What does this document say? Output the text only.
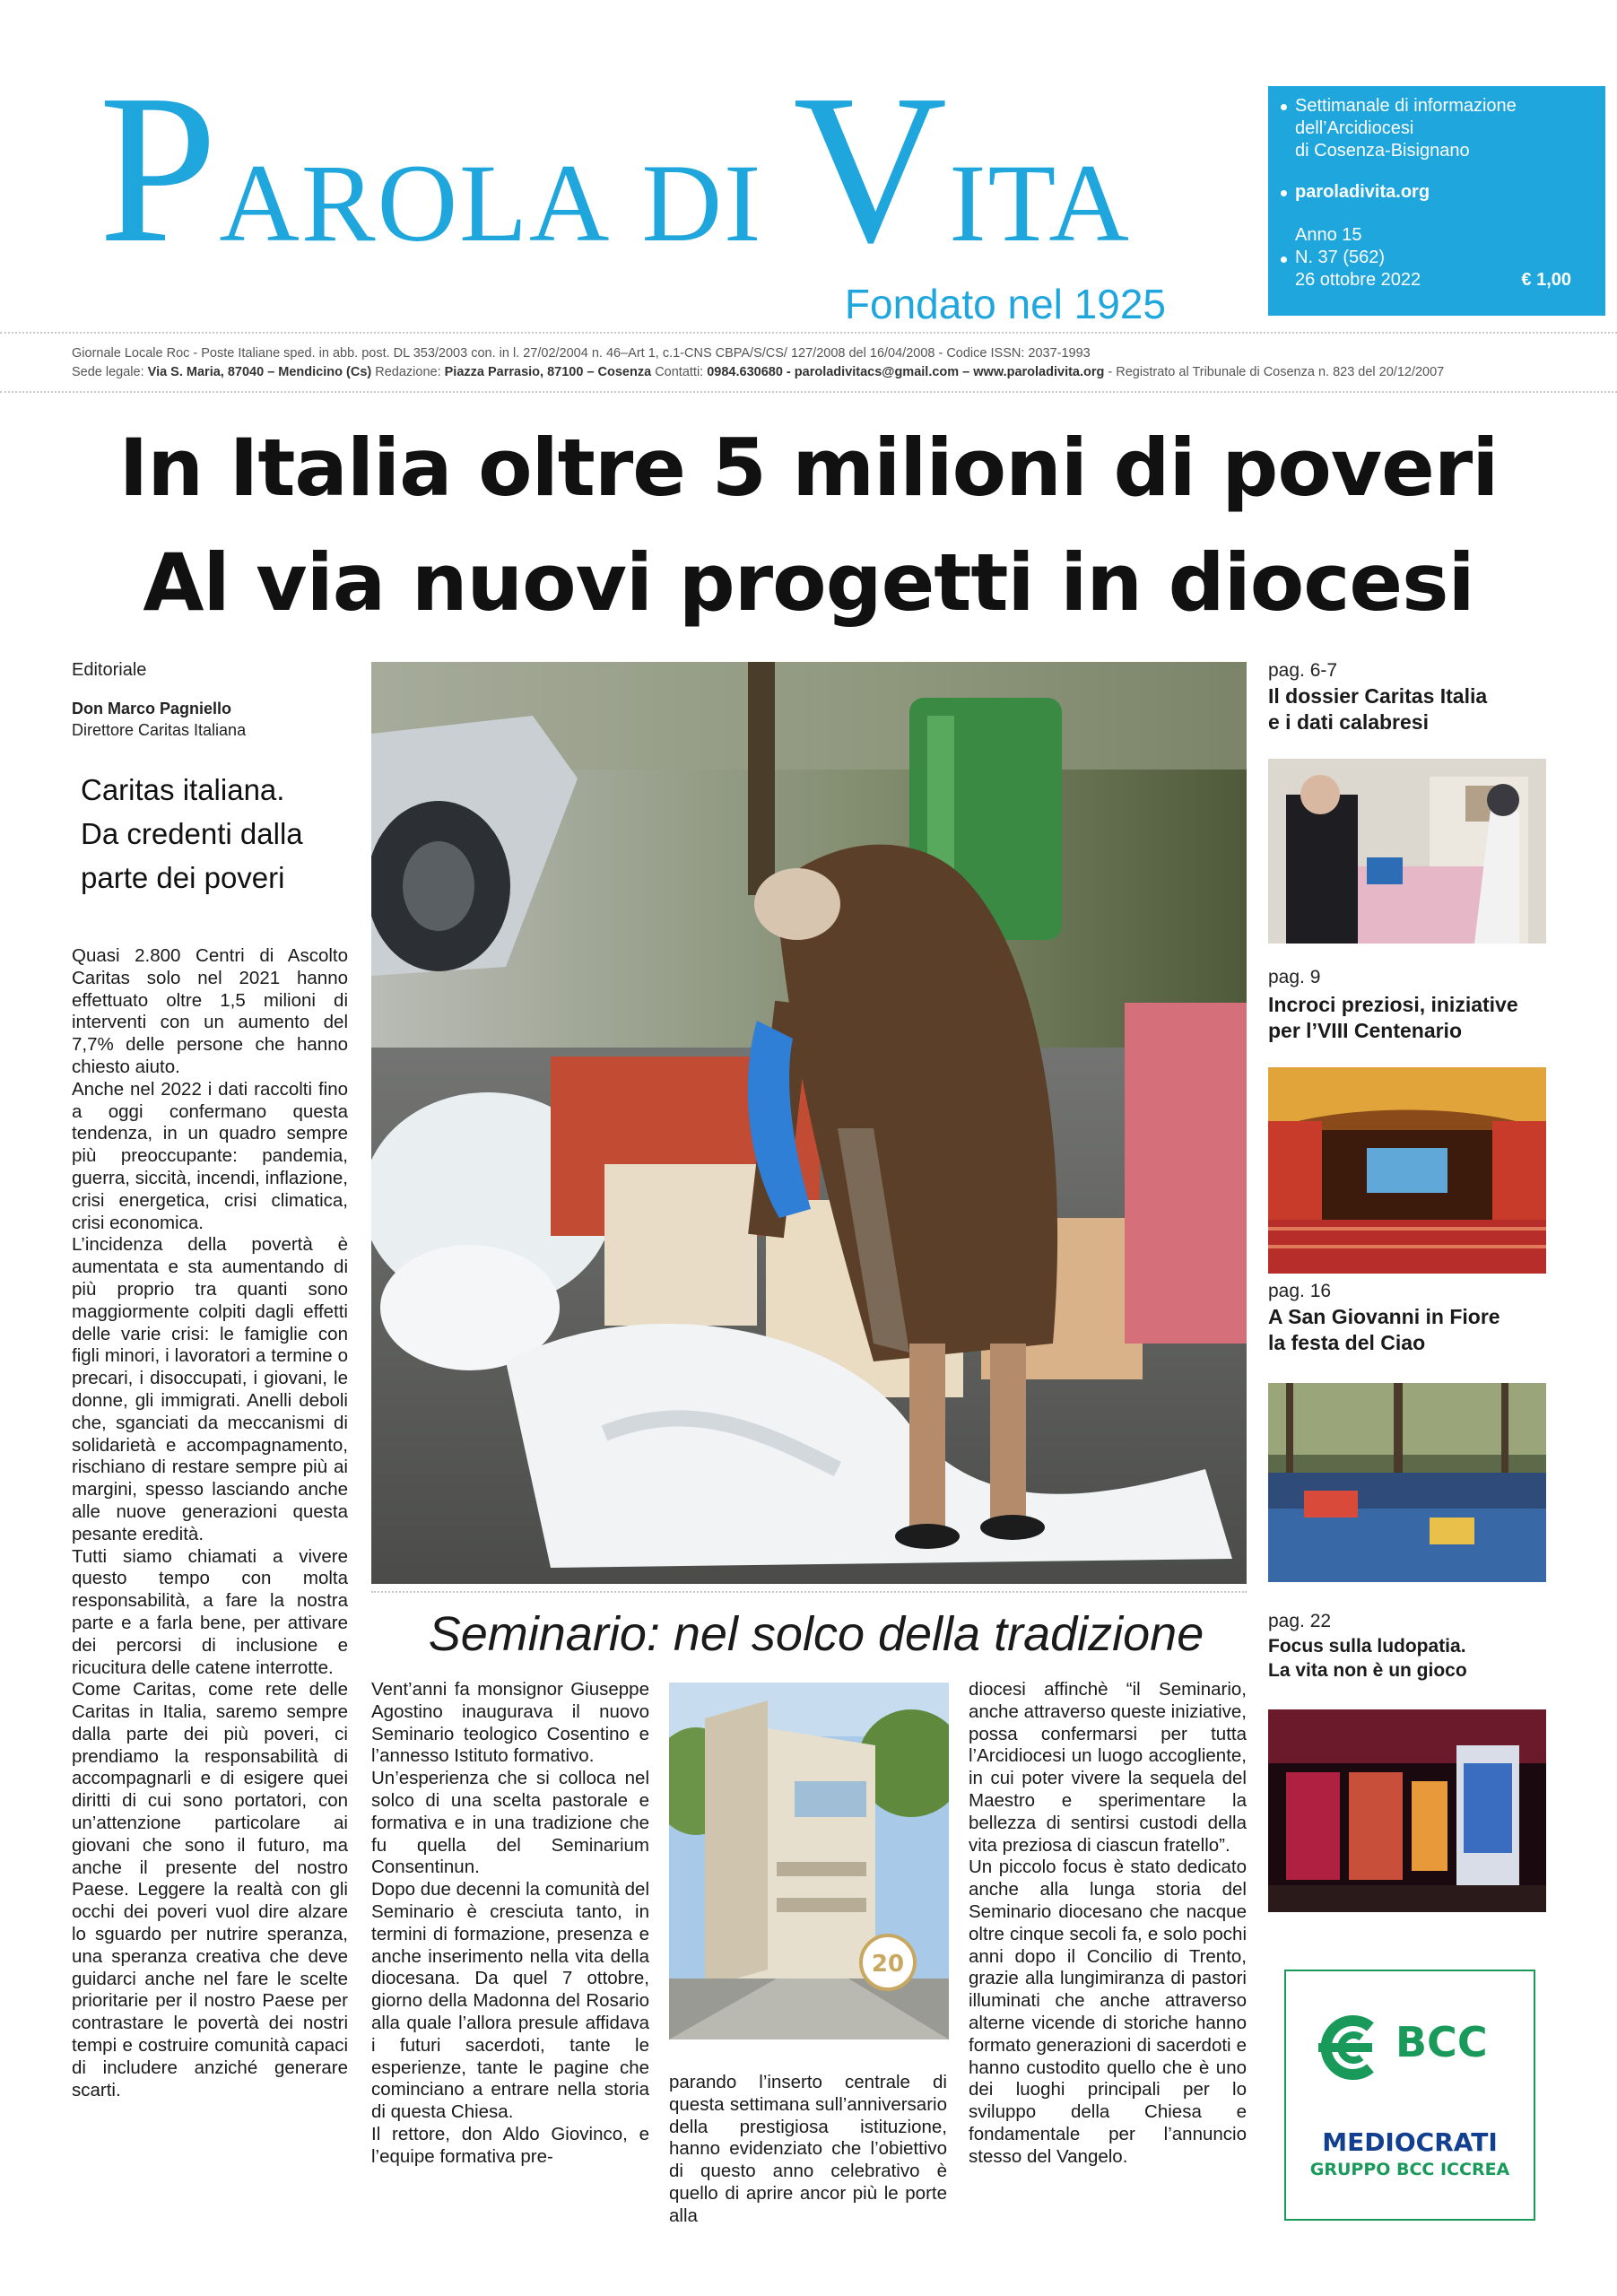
PAROLA DI VITA
Fondato nel 1925
Settimanale di informazione
dell’Arcidiocesi
di Cosenza-Bisignano
paroladivita.org
Anno 15
N. 37 (562)
26 ottobre 2022	€ 1,00
Giornale Locale Roc - Poste Italiane sped. in abb. post. DL 353/2003 con. in l. 27/02/2004 n. 46–Art 1, c.1-CNS CBPA/S/CS/ 127/2008 del 16/04/2008 - Codice ISSN: 2037-1993
Sede legale: Via S. Maria, 87040 – Mendicino (Cs) Redazione: Piazza Parrasio, 87100 – Cosenza Contatti: 0984.630680 - paroladivitacs@gmail.com – www.paroladivita.org - Registrato al Tribunale di Cosenza n. 823 del 20/12/2007
In Italia oltre 5 milioni di poveri
Al via nuovi progetti in diocesi
Editoriale
Don Marco Pagniello
Direttore Caritas Italiana
Caritas italiana.
Da credenti dalla
parte dei poveri

Quasi 2.800 Centri di Ascolto Caritas solo nel 2021 hanno effettuato oltre 1,5 milioni di interventi con un aumento del 7,7% delle persone che hanno chiesto aiuto.

Anche nel 2022 i dati raccolti fino a oggi confermano questa tendenza, in un quadro sempre più preoccupante: pandemia, guerra, siccità, incendi, inflazione, crisi energetica, crisi climatica, crisi economica.

L’incidenza della povertà è aumentata e sta aumentando di più proprio tra quanti sono maggiormente colpiti dagli effetti delle varie crisi: le famiglie con figli minori, i lavoratori a termine o precari, i disoccupati, i giovani, le donne, gli immigrati. Anelli deboli che, sganciati da meccanismi di solidarietà e accompagnamento, rischiano di restare sempre più ai margini, spesso lasciando anche alle nuove generazioni questa pesante eredità.

Tutti siamo chiamati a vivere questo tempo con molta responsabilità, a fare la nostra parte e a farla bene, per attivare dei percorsi di inclusione e ricucitura delle catene interrotte.

Come Caritas, come rete delle Caritas in Italia, saremo sempre dalla parte dei più poveri, ci prendiamo la responsabilità di accompagnarli e di esigere quei diritti di cui sono portatori, con un’attenzione particolare ai giovani che sono il futuro, ma anche il presente del nostro Paese. Leggere la realtà con gli occhi dei poveri vuol dire alzare lo sguardo per nutrire speranza, una speranza creativa che deve guidarci anche nel fare le scelte prioritarie per il nostro Paese per contrastare le povertà dei nostri tempi e costruire comunità capaci di includere anziché generare scarti.

Seminario: nel solco della tradizione

Vent’anni fa monsignor Giuseppe Agostino inaugurava il nuovo Seminario teologico Cosentino e l’annesso Istituto formativo.

Un’esperienza che si colloca nel solco di una scelta pastorale e formativa e in una tradizione che fu quella del Seminarium Consentinun.

Dopo due decenni la comunità del Seminario è cresciuta tanto, in termini di formazione, presenza e anche inserimento nella vita della diocesana. Da quel 7 ottobre, giorno della Madonna del Rosario alla quale l’allora presule affidava i futuri sacerdoti, tante le esperienze, tante le pagine che cominciano a entrare nella storia di questa Chiesa.

Il rettore, don Aldo Giovinco, e l’equipe formativa pre-

20

parando l’inserto centrale di questa settimana sull’anniversario della prestigiosa istituzione, hanno evidenziato che l’obiettivo di questo anno celebrativo è quello di aprire ancor più le porte alla

diocesi affinchè “il Seminario, anche attraverso queste iniziative, possa confermarsi per tutta l’Arcidiocesi un luogo accogliente, in cui poter vivere la sequela del Maestro e sperimentare la bellezza di sentirsi custodi della vita preziosa di ciascun fratello”.

Un piccolo focus è stato dedicato anche alla lunga storia del Seminario diocesano che nacque oltre cinque secoli fa, e solo pochi anni dopo il Concilio di Trento, grazie alla lungimiranza di pastori illuminati che anche attraverso alterne vicende di storiche hanno formato generazioni di sacerdoti e hanno custodito quello che è uno dei luoghi principali per lo sviluppo della Chiesa e fondamentale per l’annuncio stesso del Vangelo.

pag. 6-7
Il dossier Caritas Italia
e i dati calabresi
pag. 9
Incroci preziosi, iniziative
per l’VIII Centenario
pag. 16
A San Giovanni in Fiore
la festa del Ciao
pag. 22
Focus sulla ludopatia.
La vita non è un gioco
BCC
MEDIOCRATI
GRUPPO BCC ICCREA
